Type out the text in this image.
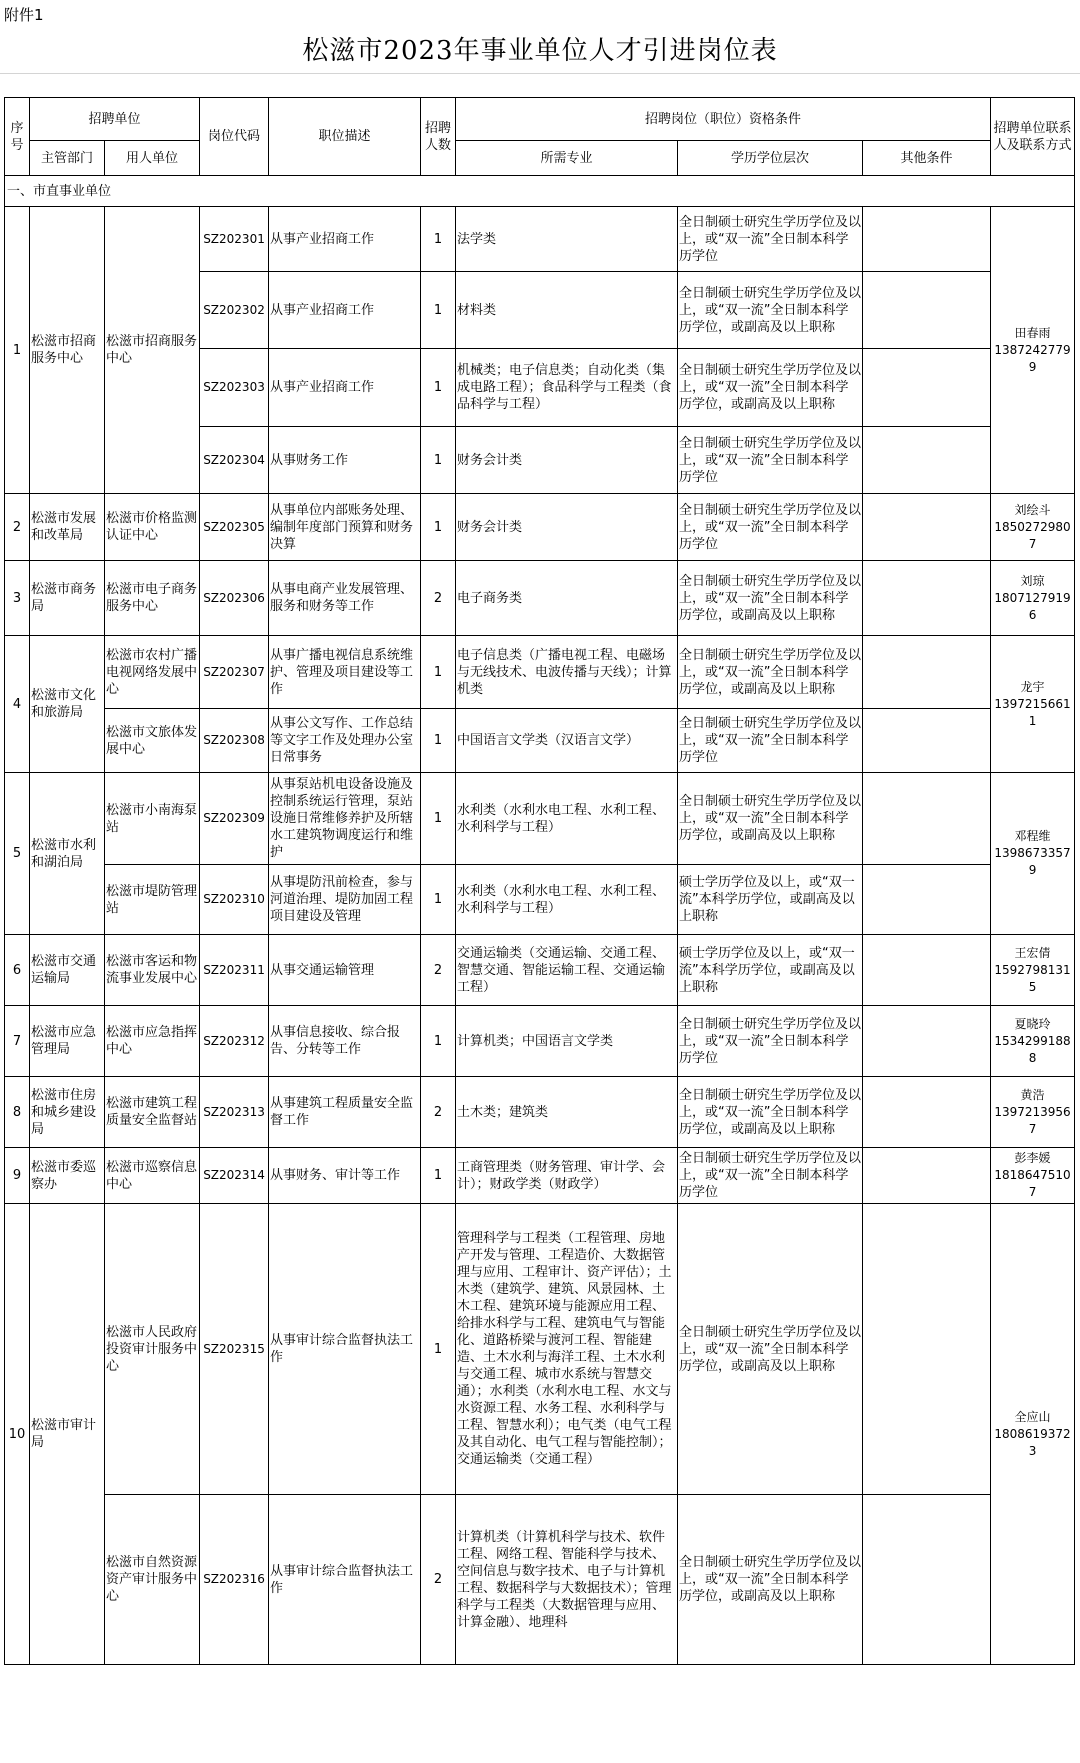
附件1
松滋市2023年事业单位人才引进岗位表
序号	招聘单位		岗位代码	职位描述	招聘人数	招聘岗位（职位）资格条件			招聘单位联系人及联系方式
	主管部门	用人单位				所需专业	学历学位层次	其他条件	
一、市直事业单位									
1	松滋市招商服务中心	松滋市招商服务中心	SZ202301	从事产业招商工作	1	法学类	全日制硕士研究生学历学位及以上，或“双一流”全日制本科学历学位		田春雨
13872427799

			SZ202302	从事产业招商工作	1	材料类	全日制硕士研究生学历学位及以上，或“双一流”全日制本科学历学位，或副高及以上职称		
			SZ202303	从事产业招商工作	1	机械类；电子信息类；自动化类（集成电路工程）；食品科学与工程类（食品科学与工程）	全日制硕士研究生学历学位及以上，或“双一流”全日制本科学历学位，或副高及以上职称		
			SZ202304	从事财务工作	1	财务会计类	全日制硕士研究生学历学位及以上，或“双一流”全日制本科学历学位		
2	松滋市发展和改革局	松滋市价格监测认证中心	SZ202305	从事单位内部账务处理、编制年度部门预算和财务决算	1	财务会计类	全日制硕士研究生学历学位及以上，或“双一流”全日制本科学历学位		刘绘斗
18502729807

3	松滋市商务局	松滋市电子商务服务中心	SZ202306	从事电商产业发展管理、服务和财务等工作	2	电子商务类	全日制硕士研究生学历学位及以上，或“双一流”全日制本科学历学位，或副高及以上职称		刘琼
18071279196

4	松滋市文化和旅游局	松滋市农村广播电视网络发展中心	SZ202307	从事广播电视信息系统维护、管理及项目建设等工作	1	电子信息类（广播电视工程、电磁场与无线技术、电波传播与天线）；计算机类	全日制硕士研究生学历学位及以上，或“双一流”全日制本科学历学位，或副高及以上职称		龙宇
13972156611

		松滋市文旅体发展中心	SZ202308	从事公文写作、工作总结等文字工作及处理办公室日常事务	1	中国语言文学类（汉语言文学）	全日制硕士研究生学历学位及以上，或“双一流”全日制本科学历学位		
5	松滋市水利和湖泊局	松滋市小南海泵站	SZ202309	从事泵站机电设备设施及控制系统运行管理，泵站设施日常维修养护及所辖水工建筑物调度运行和维护	1	水利类（水利水电工程、水利工程、水利科学与工程）	全日制硕士研究生学历学位及以上，或“双一流”全日制本科学历学位，或副高及以上职称		邓程维
13986733579

		松滋市堤防管理站	SZ202310	从事堤防汛前检查，参与河道治理、堤防加固工程项目建设及管理	1	水利类（水利水电工程、水利工程、水利科学与工程）	硕士学历学位及以上，或“双一流”本科学历学位，或副高及以上职称		
6	松滋市交通运输局	松滋市客运和物流事业发展中心	SZ202311	从事交通运输管理	2	交通运输类（交通运输、交通工程、智慧交通、智能运输工程、交通运输工程）	硕士学历学位及以上，或“双一流”本科学历学位，或副高及以上职称		王宏倩
15927981315

7	松滋市应急管理局	松滋市应急指挥中心	SZ202312	从事信息接收、综合报告、分转等工作	1	计算机类；中国语言文学类	全日制硕士研究生学历学位及以上，或“双一流”全日制本科学历学位		夏晓玲
15342991888

8	松滋市住房和城乡建设局	松滋市建筑工程质量安全监督站	SZ202313	从事建筑工程质量安全监督工作	2	土木类；建筑类	全日制硕士研究生学历学位及以上，或“双一流”全日制本科学历学位，或副高及以上职称		黄浩
13972139567

9	松滋市委巡察办	松滋市巡察信息中心	SZ202314	从事财务、审计等工作	1	工商管理类（财务管理、审计学、会计）；财政学类（财政学）	全日制硕士研究生学历学位及以上，或“双一流”全日制本科学历学位		彭李媛
18186475107

10	松滋市审计局	松滋市人民政府投资审计服务中心	SZ202315	从事审计综合监督执法工作	1	管理科学与工程类（工程管理、房地产开发与管理、工程造价、大数据管理与应用、工程审计、资产评估）；土木类（建筑学、建筑、风景园林、土木工程、建筑环境与能源应用工程、给排水科学与工程、建筑电气与智能化、道路桥梁与渡河工程、智能建造、土木水利与海洋工程、土木水利与交通工程、城市水系统与智慧交通）；水利类（水利水电工程、水文与水资源工程、水务工程、水利科学与工程、智慧水利）；电气类（电气工程及其自动化、电气工程与智能控制）；交通运输类（交通工程）	全日制硕士研究生学历学位及以上，或“双一流”全日制本科学历学位，或副高及以上职称		全应山
18086193723

		松滋市自然资源资产审计服务中心	SZ202316	从事审计综合监督执法工作	2	计算机类（计算机科学与技术、软件工程、网络工程、智能科学与技术、空间信息与数字技术、电子与计算机工程、数据科学与大数据技术）；管理科学与工程类（大数据管理与应用、计算金融）、地理科	全日制硕士研究生学历学位及以上，或“双一流”全日制本科学历学位，或副高及以上职称		
